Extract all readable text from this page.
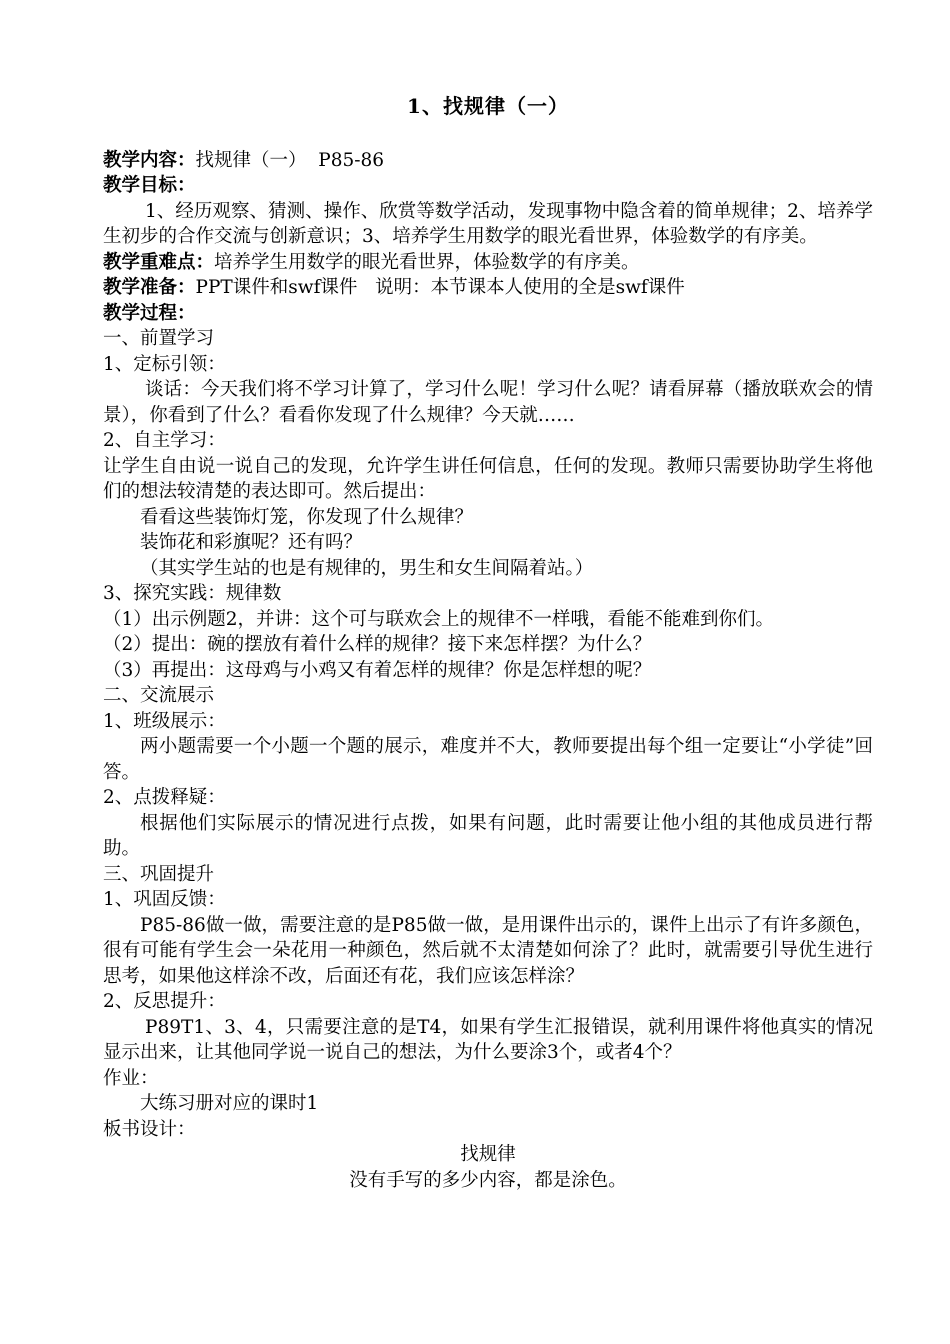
1、找规律（一）
教学内容：找规律（一）  P85-86
教学目标：
1、经历观察、猜测、操作、欣赏等数学活动，发现事物中隐含着的简单规律；2、培养学生初步的合作交流与创新意识；3、培养学生用数学的眼光看世界，体验数学的有序美。
教学重难点：培养学生用数学的眼光看世界，体验数学的有序美。
教学准备：PPT课件和swf课件   说明：本节课本人使用的全是swf课件
教学过程：
一、前置学习
1、定标引领：
谈话：今天我们将不学习计算了，学习什么呢！学习什么呢？请看屏幕（播放联欢会的情景），你看到了什么？看看你发现了什么规律？今天就……
2、自主学习：
让学生自由说一说自己的发现，允许学生讲任何信息，任何的发现。教师只需要协助学生将他们的想法较清楚的表达即可。然后提出：
看看这些装饰灯笼，你发现了什么规律？
装饰花和彩旗呢？还有吗？
（其实学生站的也是有规律的，男生和女生间隔着站。）
3、探究实践：规律数
（1）出示例题2，并讲：这个可与联欢会上的规律不一样哦，看能不能难到你们。
（2）提出：碗的摆放有着什么样的规律？接下来怎样摆？为什么？
（3）再提出：这母鸡与小鸡又有着怎样的规律？你是怎样想的呢？
二、交流展示
1、班级展示：
两小题需要一个小题一个题的展示，难度并不大，教师要提出每个组一定要让“小学徒”回答。
2、点拨释疑：
根据他们实际展示的情况进行点拨，如果有问题，此时需要让他小组的其他成员进行帮助。
三、巩固提升
1、巩固反馈：
P85-86做一做，需要注意的是P85做一做，是用课件出示的，课件上出示了有许多颜色，很有可能有学生会一朵花用一种颜色，然后就不太清楚如何涂了？此时，就需要引导优生进行思考，如果他这样涂不改，后面还有花，我们应该怎样涂？
2、反思提升：
P89T1、3、4，只需要注意的是T4，如果有学生汇报错误，就利用课件将他真实的情况显示出来，让其他同学说一说自己的想法，为什么要涂3个，或者4个？
作业：
大练习册对应的课时1
板书设计：
找规律
没有手写的多少内容，都是涂色。
